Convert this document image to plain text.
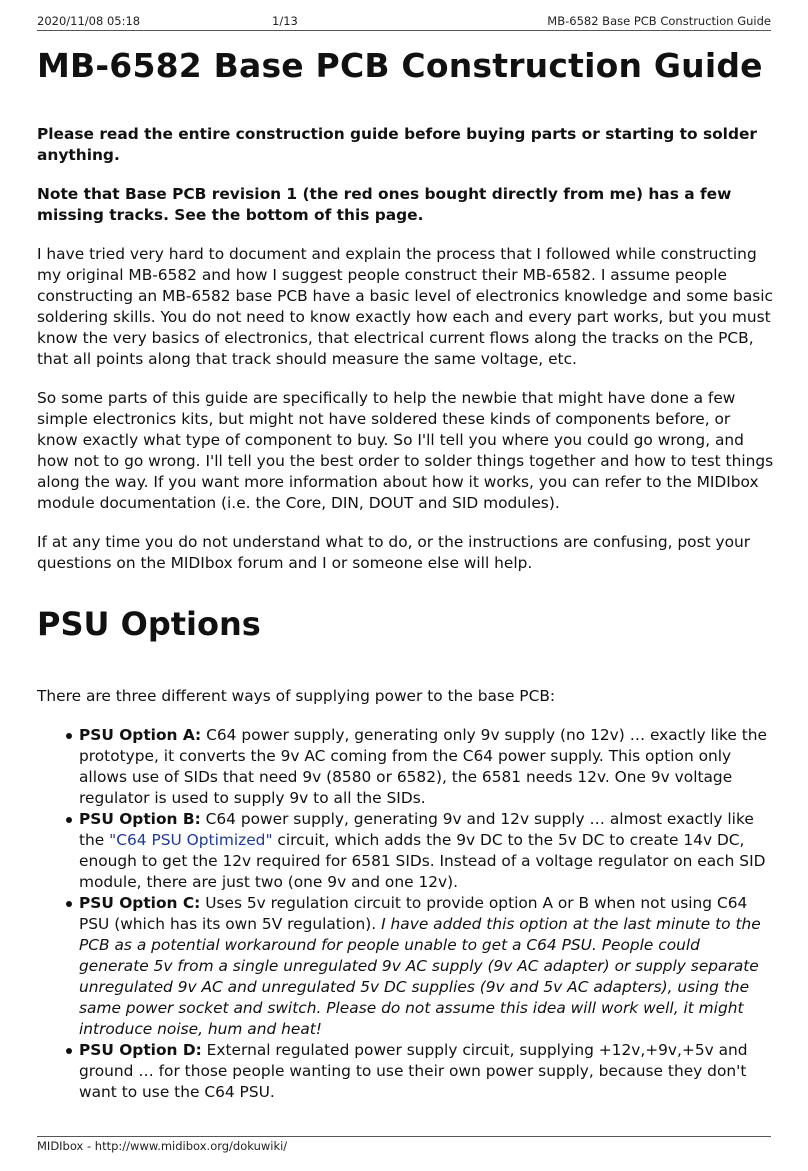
2020/11/08 05:18	1/13	MB-6582 Base PCB Construction Guide
MB-6582 Base PCB Construction Guide

Please read the entire construction guide before buying parts or starting to solder anything.

Note that Base PCB revision 1 (the red ones bought directly from me) has a few missing tracks. See the bottom of this page.

I have tried very hard to document and explain the process that I followed while constructing my original MB-6582 and how I suggest people construct their MB-6582. I assume people constructing an MB-6582 base PCB have a basic level of electronics knowledge and some basic soldering skills. You do not need to know exactly how each and every part works, but you must know the very basics of electronics, that electrical current flows along the tracks on the PCB, that all points along that track should measure the same voltage, etc.

So some parts of this guide are specifically to help the newbie that might have done a few simple electronics kits, but might not have soldered these kinds of components before, or know exactly what type of component to buy. So I'll tell you where you could go wrong, and how not to go wrong. I'll tell you the best order to solder things together and how to test things along the way. If you want more information about how it works, you can refer to the MIDIbox module documentation (i.e. the Core, DIN, DOUT and SID modules).

If at any time you do not understand what to do, or the instructions are confusing, post your questions on the MIDIbox forum and I or someone else will help.

PSU Options

There are three different ways of supplying power to the base PCB:

PSU Option A: C64 power supply, generating only 9v supply (no 12v) … exactly like the prototype, it converts the 9v AC coming from the C64 power supply. This option only allows use of SIDs that need 9v (8580 or 6582), the 6581 needs 12v. One 9v voltage regulator is used to supply 9v to all the SIDs.
PSU Option B: C64 power supply, generating 9v and 12v supply … almost exactly like the "C64 PSU Optimized" circuit, which adds the 9v DC to the 5v DC to create 14v DC, enough to get the 12v required for 6581 SIDs. Instead of a voltage regulator on each SID module, there are just two (one 9v and one 12v).
PSU Option C: Uses 5v regulation circuit to provide option A or B when not using C64 PSU (which has its own 5V regulation). I have added this option at the last minute to the PCB as a potential workaround for people unable to get a C64 PSU. People could generate 5v from a single unregulated 9v AC supply (9v AC adapter) or supply separate unregulated 9v AC and unregulated 5v DC supplies (9v and 5v AC adapters), using the same power socket and switch. Please do not assume this idea will work well, it might introduce noise, hum and heat!
PSU Option D: External regulated power supply circuit, supplying +12v,+9v,+5v and ground … for those people wanting to use their own power supply, because they don't want to use the C64 PSU.
MIDIbox - http://www.midibox.org/dokuwiki/
